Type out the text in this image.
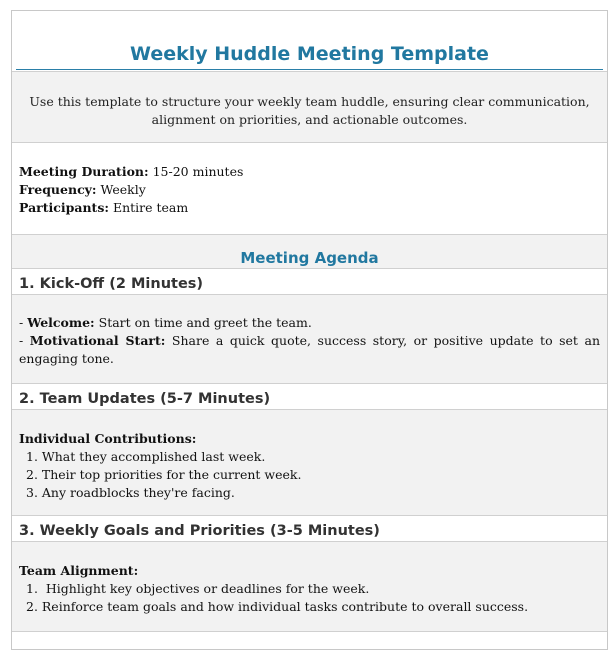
Weekly Huddle Meeting Template
Use this template to structure your weekly team huddle, ensuring clear communication,
alignment on priorities, and actionable outcomes.
Meeting Duration: 15-20 minutes
Frequency: Weekly
Participants: Entire team
Meeting Agenda
1. Kick-Off (2 Minutes)
- Welcome: Start on time and greet the team.
- Motivational Start: Share a quick quote, success story, or positive update to set an engaging tone.
2. Team Updates (5-7 Minutes)
Individual Contributions:
1. What they accomplished last week.
2. Their top priorities for the current week.
3. Any roadblocks they're facing.
3. Weekly Goals and Priorities (3-5 Minutes)
Team Alignment:
1.  Highlight key objectives or deadlines for the week.
2. Reinforce team goals and how individual tasks contribute to overall success.
